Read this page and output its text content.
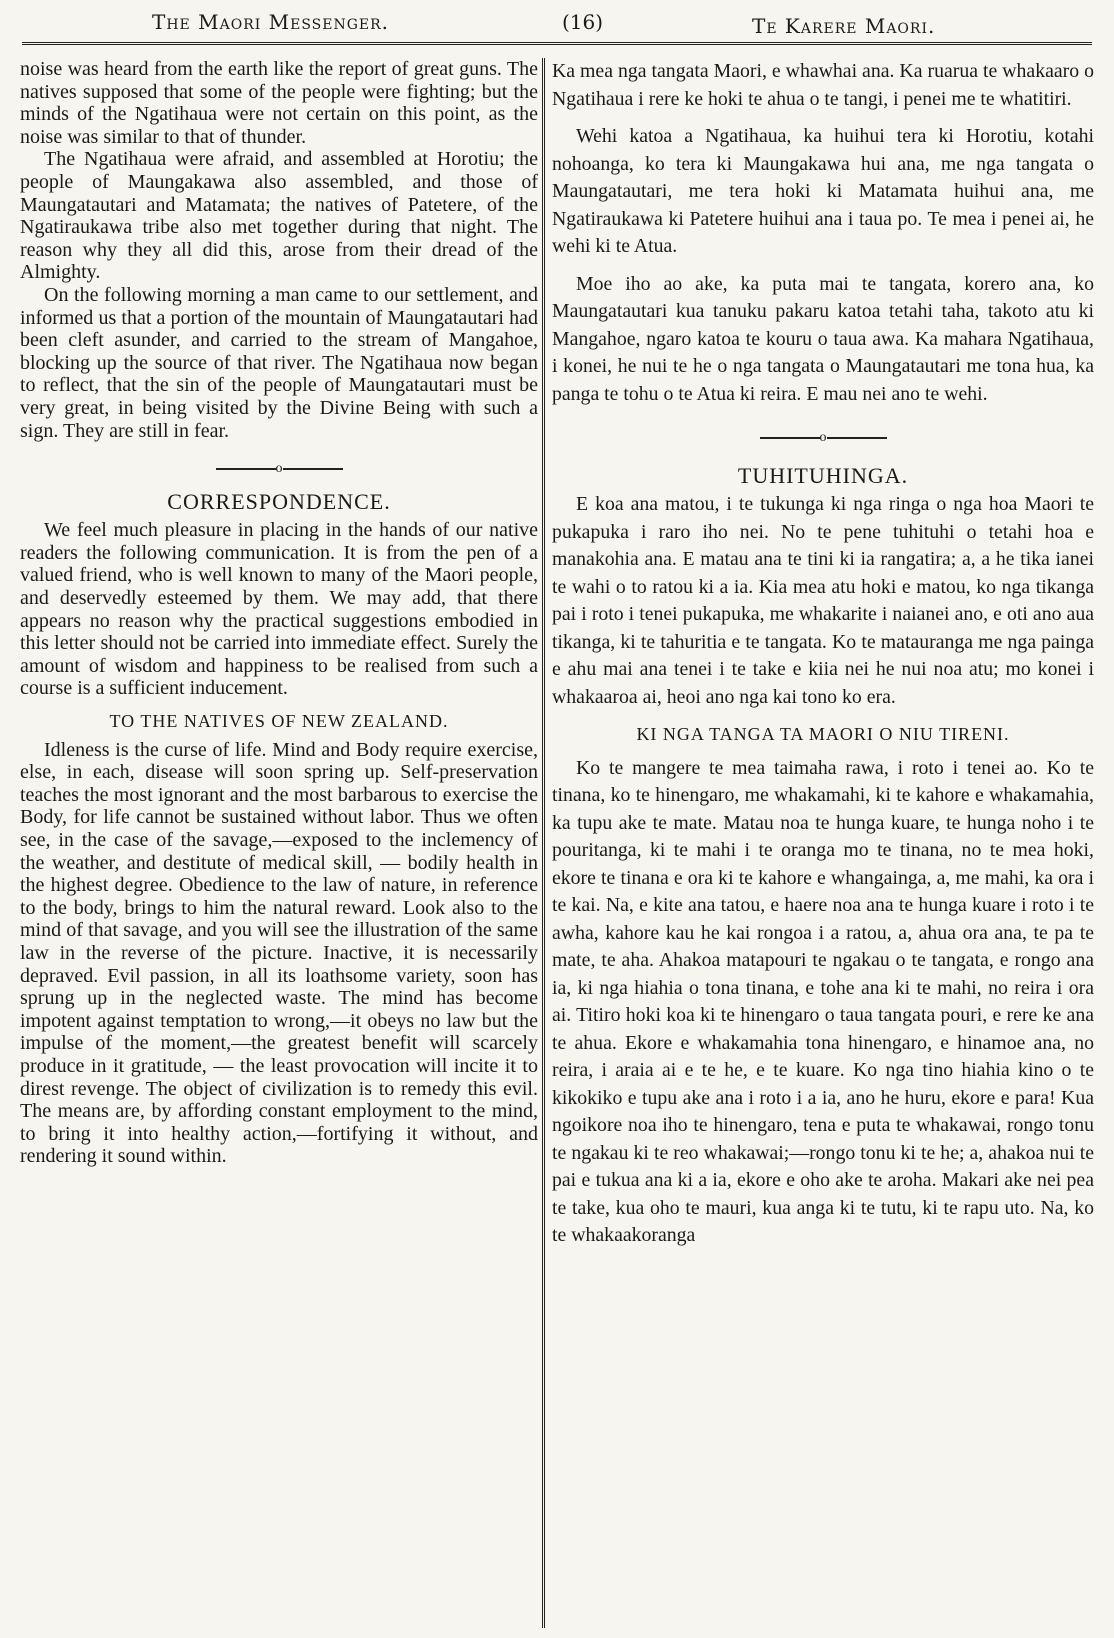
The Maori Messenger.	(16)	Te Karere Maori.

noise was heard from the earth like the report of great guns. The natives supposed that some of the people were fighting; but the minds of the Ngatihaua were not certain on this point, as the noise was similar to that of thunder.

The Ngatihaua were afraid, and assembled at Horotiu; the people of Maungakawa also assembled, and those of Maungatautari and Matamata; the natives of Patetere, of the Ngatiraukawa tribe also met together during that night. The reason why they all did this, arose from their dread of the Almighty.

On the following morning a man came to our settlement, and informed us that a portion of the mountain of Maungatautari had been cleft asunder, and carried to the stream of Mangahoe, blocking up the source of that river. The Ngatihaua now began to reflect, that the sin of the people of Maungatautari must be very great, in being visited by the Divine Being with such a sign. They are still in fear.

o
CORRESPONDENCE.

We feel much pleasure in placing in the hands of our native readers the following communication. It is from the pen of a valued friend, who is well known to many of the Maori people, and deservedly esteemed by them. We may add, that there appears no reason why the practical suggestions embodied in this letter should not be carried into immediate effect. Surely the amount of wisdom and happiness to be realised from such a course is a sufficient inducement.

TO THE NATIVES OF NEW ZEALAND.

Idleness is the curse of life. Mind and Body require exercise, else, in each, disease will soon spring up. Self-preservation teaches the most ignorant and the most barbarous to exercise the Body, for life cannot be sustained without labor. Thus we often see, in the case of the savage,—exposed to the inclemency of the weather, and destitute of medical skill, — bodily health in the highest degree. Obedience to the law of nature, in reference to the body, brings to him the natural reward. Look also to the mind of that savage, and you will see the illustration of the same law in the reverse of the picture. Inactive, it is necessarily depraved. Evil passion, in all its loathsome variety, soon has sprung up in the neglected waste. The mind has become impotent against temptation to wrong,—it obeys no law but the impulse of the moment,—the greatest benefit will scarcely produce in it gratitude, — the least provocation will incite it to direst revenge. The object of civilization is to remedy this evil. The means are, by affording constant employment to the mind, to bring it into healthy action,—fortifying it without, and rendering it sound within.

Ka mea nga tangata Maori, e whawhai ana. Ka ruarua te whakaaro o Ngatihaua i rere ke hoki te ahua o te tangi, i penei me te whatitiri.

Wehi katoa a Ngatihaua, ka huihui tera ki Horotiu, kotahi nohoanga, ko tera ki Maungakawa hui ana, me nga tangata o Maungatautari, me tera hoki ki Matamata huihui ana, me Ngatiraukawa ki Patetere huihui ana i taua po. Te mea i penei ai, he wehi ki te Atua.

Moe iho ao ake, ka puta mai te tangata, korero ana, ko Maungatautari kua tanuku pakaru katoa tetahi taha, takoto atu ki Mangahoe, ngaro katoa te kouru o taua awa. Ka mahara Ngatihaua, i konei, he nui te he o nga tangata o Maungatautari me tona hua, ka panga te tohu o te Atua ki reira. E mau nei ano te wehi.

o
TUHITUHINGA.

E koa ana matou, i te tukunga ki nga ringa o nga hoa Maori te pukapuka i raro iho nei. No te pene tuhituhi o tetahi hoa e manakohia ana. E matau ana te tini ki ia rangatira; a, a he tika ianei te wahi o to ratou ki a ia. Kia mea atu hoki e matou, ko nga tikanga pai i roto i tenei pukapuka, me whakarite i naianei ano, e oti ano aua tikanga, ki te tahuritia e te tangata. Ko te matauranga me nga painga e ahu mai ana tenei i te take e kiia nei he nui noa atu; mo konei i whakaaroa ai, heoi ano nga kai tono ko era.

KI NGA TANGA TA MAORI O NIU TIRENI.

Ko te mangere te mea taimaha rawa, i roto i tenei ao. Ko te tinana, ko te hinengaro, me whakamahi, ki te kahore e whakamahia, ka tupu ake te mate. Matau noa te hunga kuare, te hunga noho i te pouritanga, ki te mahi i te oranga mo te tinana, no te mea hoki, ekore te tinana e ora ki te kahore e whangainga, a, me mahi, ka ora i te kai. Na, e kite ana tatou, e haere noa ana te hunga kuare i roto i te awha, kahore kau he kai rongoa i a ratou, a, ahua ora ana, te pa te mate, te aha. Ahakoa matapouri te ngakau o te tangata, e rongo ana ia, ki nga hiahia o tona tinana, e tohe ana ki te mahi, no reira i ora ai. Titiro hoki koa ki te hinengaro o taua tangata pouri, e rere ke ana te ahua. Ekore e whakamahia tona hinengaro, e hinamoe ana, no reira, i araia ai e te he, e te kuare. Ko nga tino hiahia kino o te kikokiko e tupu ake ana i roto i a ia, ano he huru, ekore e para! Kua ngoikore noa iho te hinengaro, tena e puta te whakawai, rongo tonu te ngakau ki te reo whakawai;—rongo tonu ki te he; a, ahakoa nui te pai e tukua ana ki a ia, ekore e oho ake te aroha. Makari ake nei pea te take, kua oho te mauri, kua anga ki te tutu, ki te rapu uto. Na, ko te whakaakoranga
